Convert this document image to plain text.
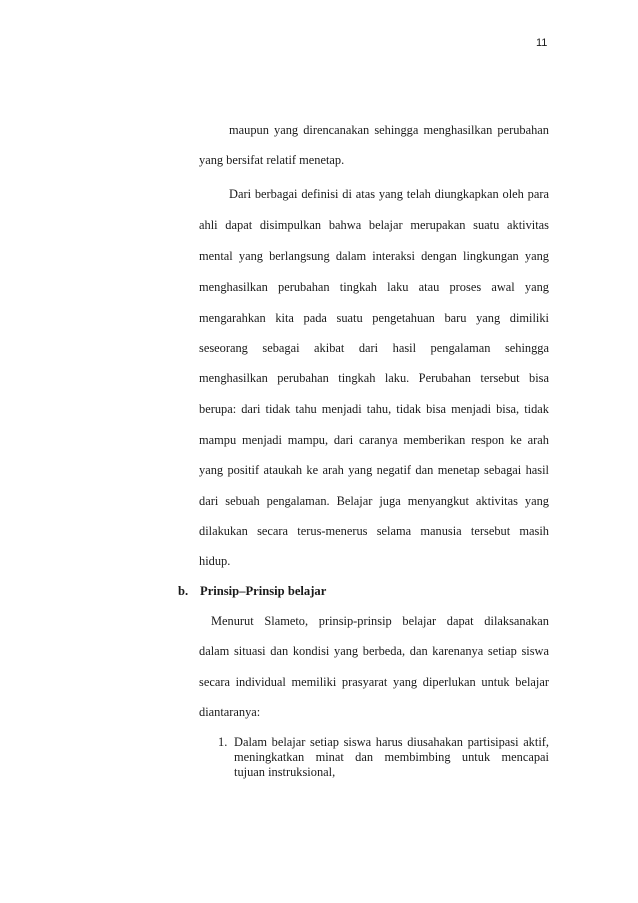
11
maupun yang direncanakan sehingga menghasilkan perubahan
yang bersifat relatif menetap.
Dari berbagai definisi di atas yang telah diungkapkan oleh para
ahli dapat disimpulkan bahwa belajar merupakan suatu aktivitas
mental yang berlangsung dalam interaksi dengan lingkungan yang
menghasilkan perubahan tingkah laku atau proses awal yang
mengarahkan kita pada suatu pengetahuan baru yang dimiliki
seseorang sebagai akibat dari hasil pengalaman sehingga
menghasilkan perubahan tingkah laku. Perubahan tersebut bisa
berupa: dari tidak tahu menjadi tahu, tidak bisa menjadi bisa, tidak
mampu menjadi mampu, dari caranya memberikan respon ke arah
yang positif ataukah ke arah yang negatif dan menetap sebagai hasil
dari sebuah pengalaman. Belajar juga menyangkut aktivitas yang
dilakukan secara terus-menerus selama manusia tersebut masih
hidup.
b. Prinsip–Prinsip belajar
Menurut Slameto, prinsip-prinsip belajar dapat dilaksanakan
dalam situasi dan kondisi yang berbeda, dan karenanya setiap siswa
secara individual memiliki prasyarat yang diperlukan untuk belajar
diantaranya:
1. Dalam belajar setiap siswa harus diusahakan partisipasi aktif,
meningkatkan minat dan membimbing untuk mencapai
tujuan instruksional,
